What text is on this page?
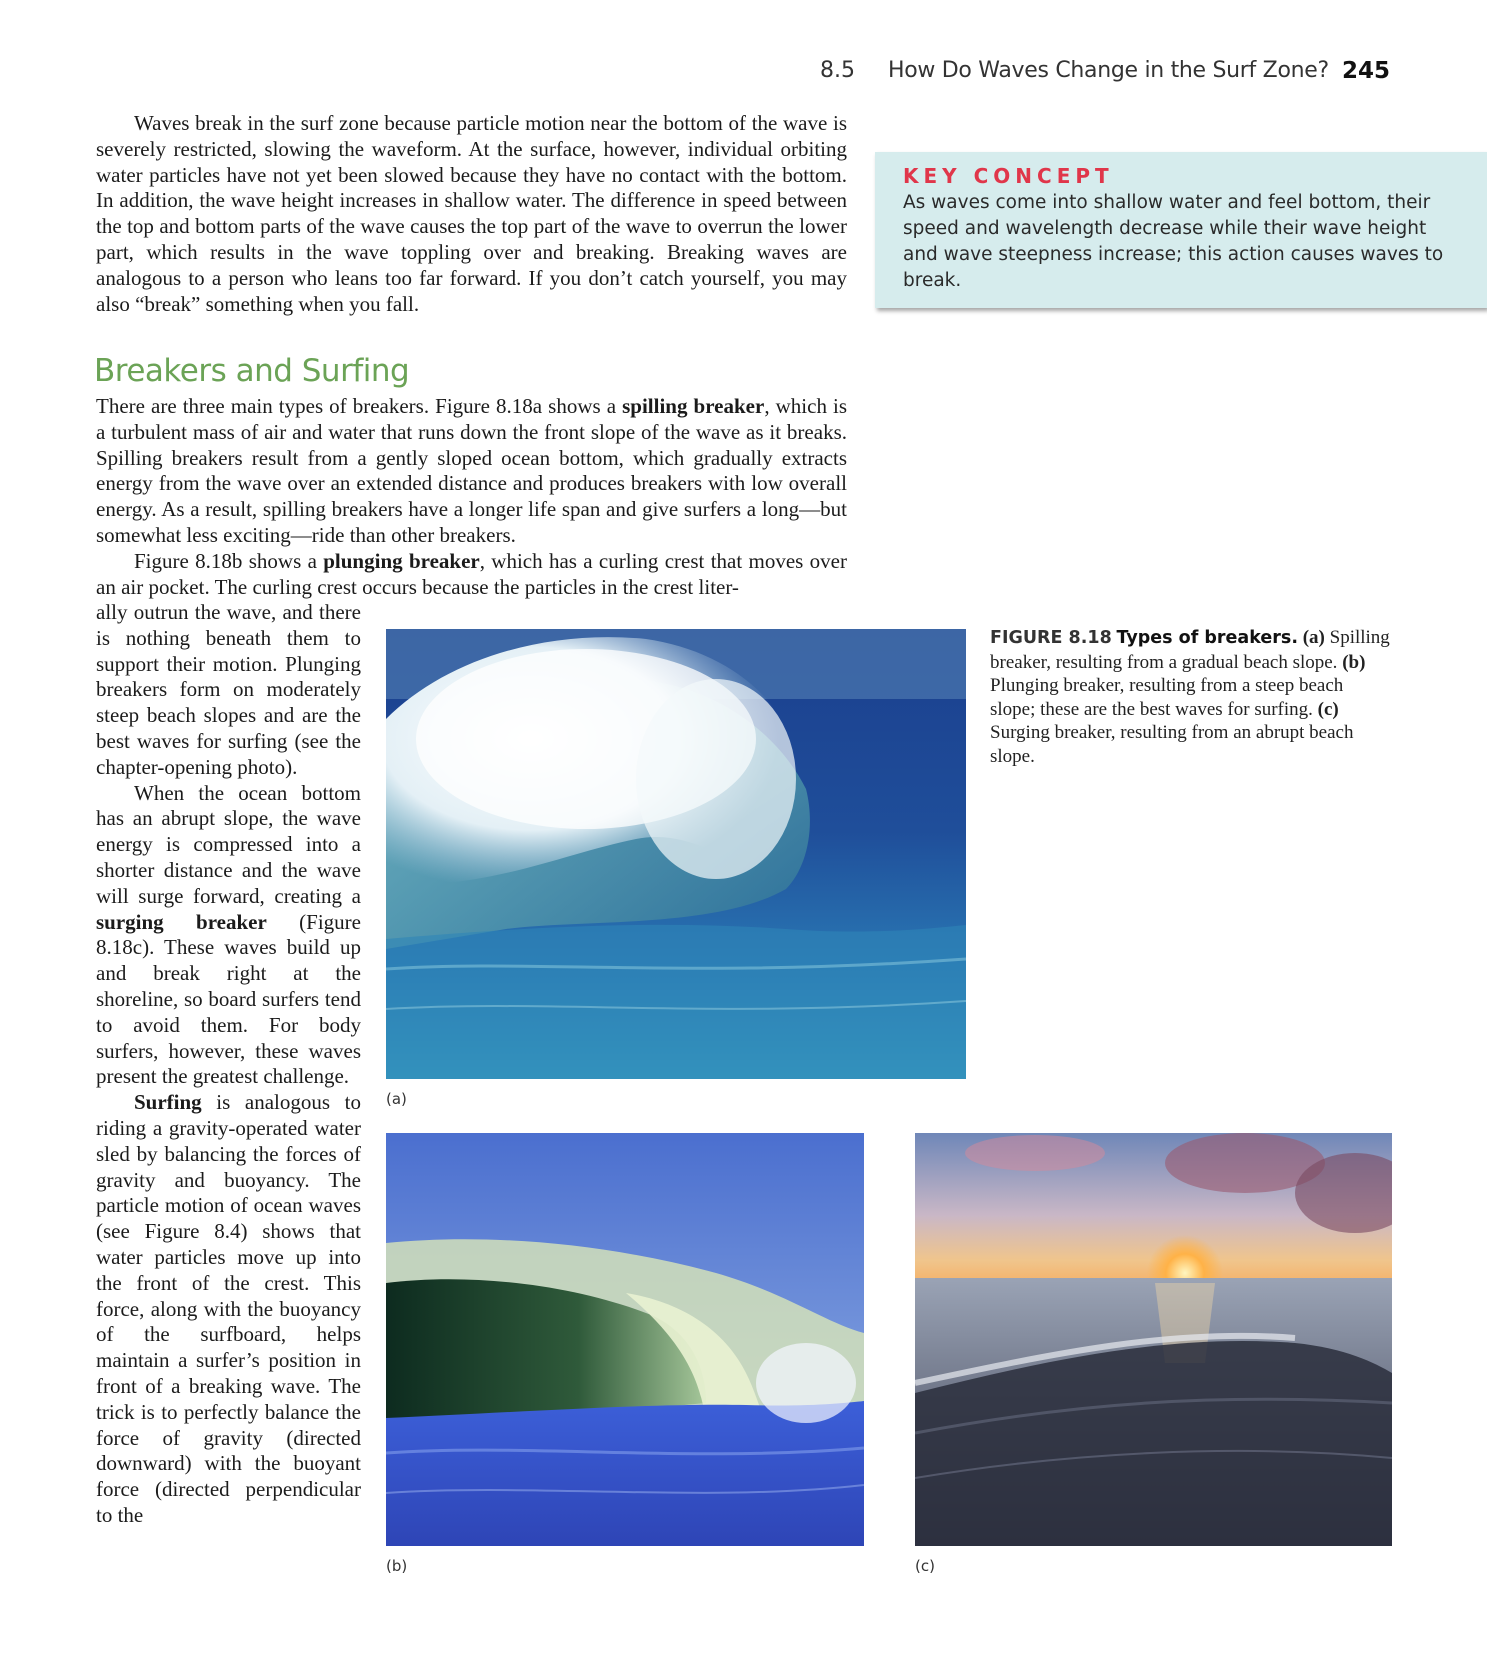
8.5 How Do Waves Change in the Surf Zone? 245

Waves break in the surf zone because particle motion near the bottom of the wave is severely restricted, slowing the waveform. At the surface, however, individual orbiting water particles have not yet been slowed because they have no contact with the bottom. In addition, the wave height increases in shallow water. The difference in speed between the top and bottom parts of the wave causes the top part of the wave to overrun the lower part, which results in the wave toppling over and breaking. Breaking waves are analogous to a person who leans too far forward. If you don’t catch yourself, you may also “break” something when you fall.

KEY CONCEPT
As waves come into shallow water and feel bottom, their speed and wavelength decrease while their wave height and wave steepness increase; this action causes waves to break.
Breakers and Surfing

There are three main types of breakers. Figure 8.18a shows a spilling breaker, which is a turbulent mass of air and water that runs down the front slope of the wave as it breaks. Spilling breakers result from a gently sloped ocean bottom, which gradually extracts energy from the wave over an extended distance and produces breakers with low overall energy. As a result, spilling breakers have a longer life span and give surfers a long—but somewhat less exciting—ride than other breakers.

Figure 8.18b shows a plunging breaker, which has a curling crest that moves over an air pocket. The curling crest occurs because the particles in the crest liter-

ally outrun the wave, and there is nothing beneath them to support their motion. Plunging breakers form on moderately steep beach slopes and are the best waves for surfing (see the chapter-opening photo).

When the ocean bottom has an abrupt slope, the wave energy is compressed into a shorter distance and the wave will surge forward, creating a surging breaker (Figure 8.18c). These waves build up and break right at the shoreline, so board surfers tend to avoid them. For body surfers, however, these waves present the greatest challenge.

Surfing is analogous to riding a gravity-operated water sled by balancing the forces of gravity and buoyancy. The particle motion of ocean waves (see Figure 8.4) shows that water particles move up into the front of the crest. This force, along with the buoyancy of the surfboard, helps maintain a surfer’s position in front of a breaking wave. The trick is to perfectly balance the force of gravity (directed downward) with the buoyant force (directed perpendicular to the

(a)
(b)	(c)
FIGURE 8.18 Types of breakers. (a) Spilling breaker, resulting from a gradual beach slope. (b) Plunging breaker, resulting from a steep beach slope; these are the best waves for surfing. (c) Surging breaker, resulting from an abrupt beach slope.
